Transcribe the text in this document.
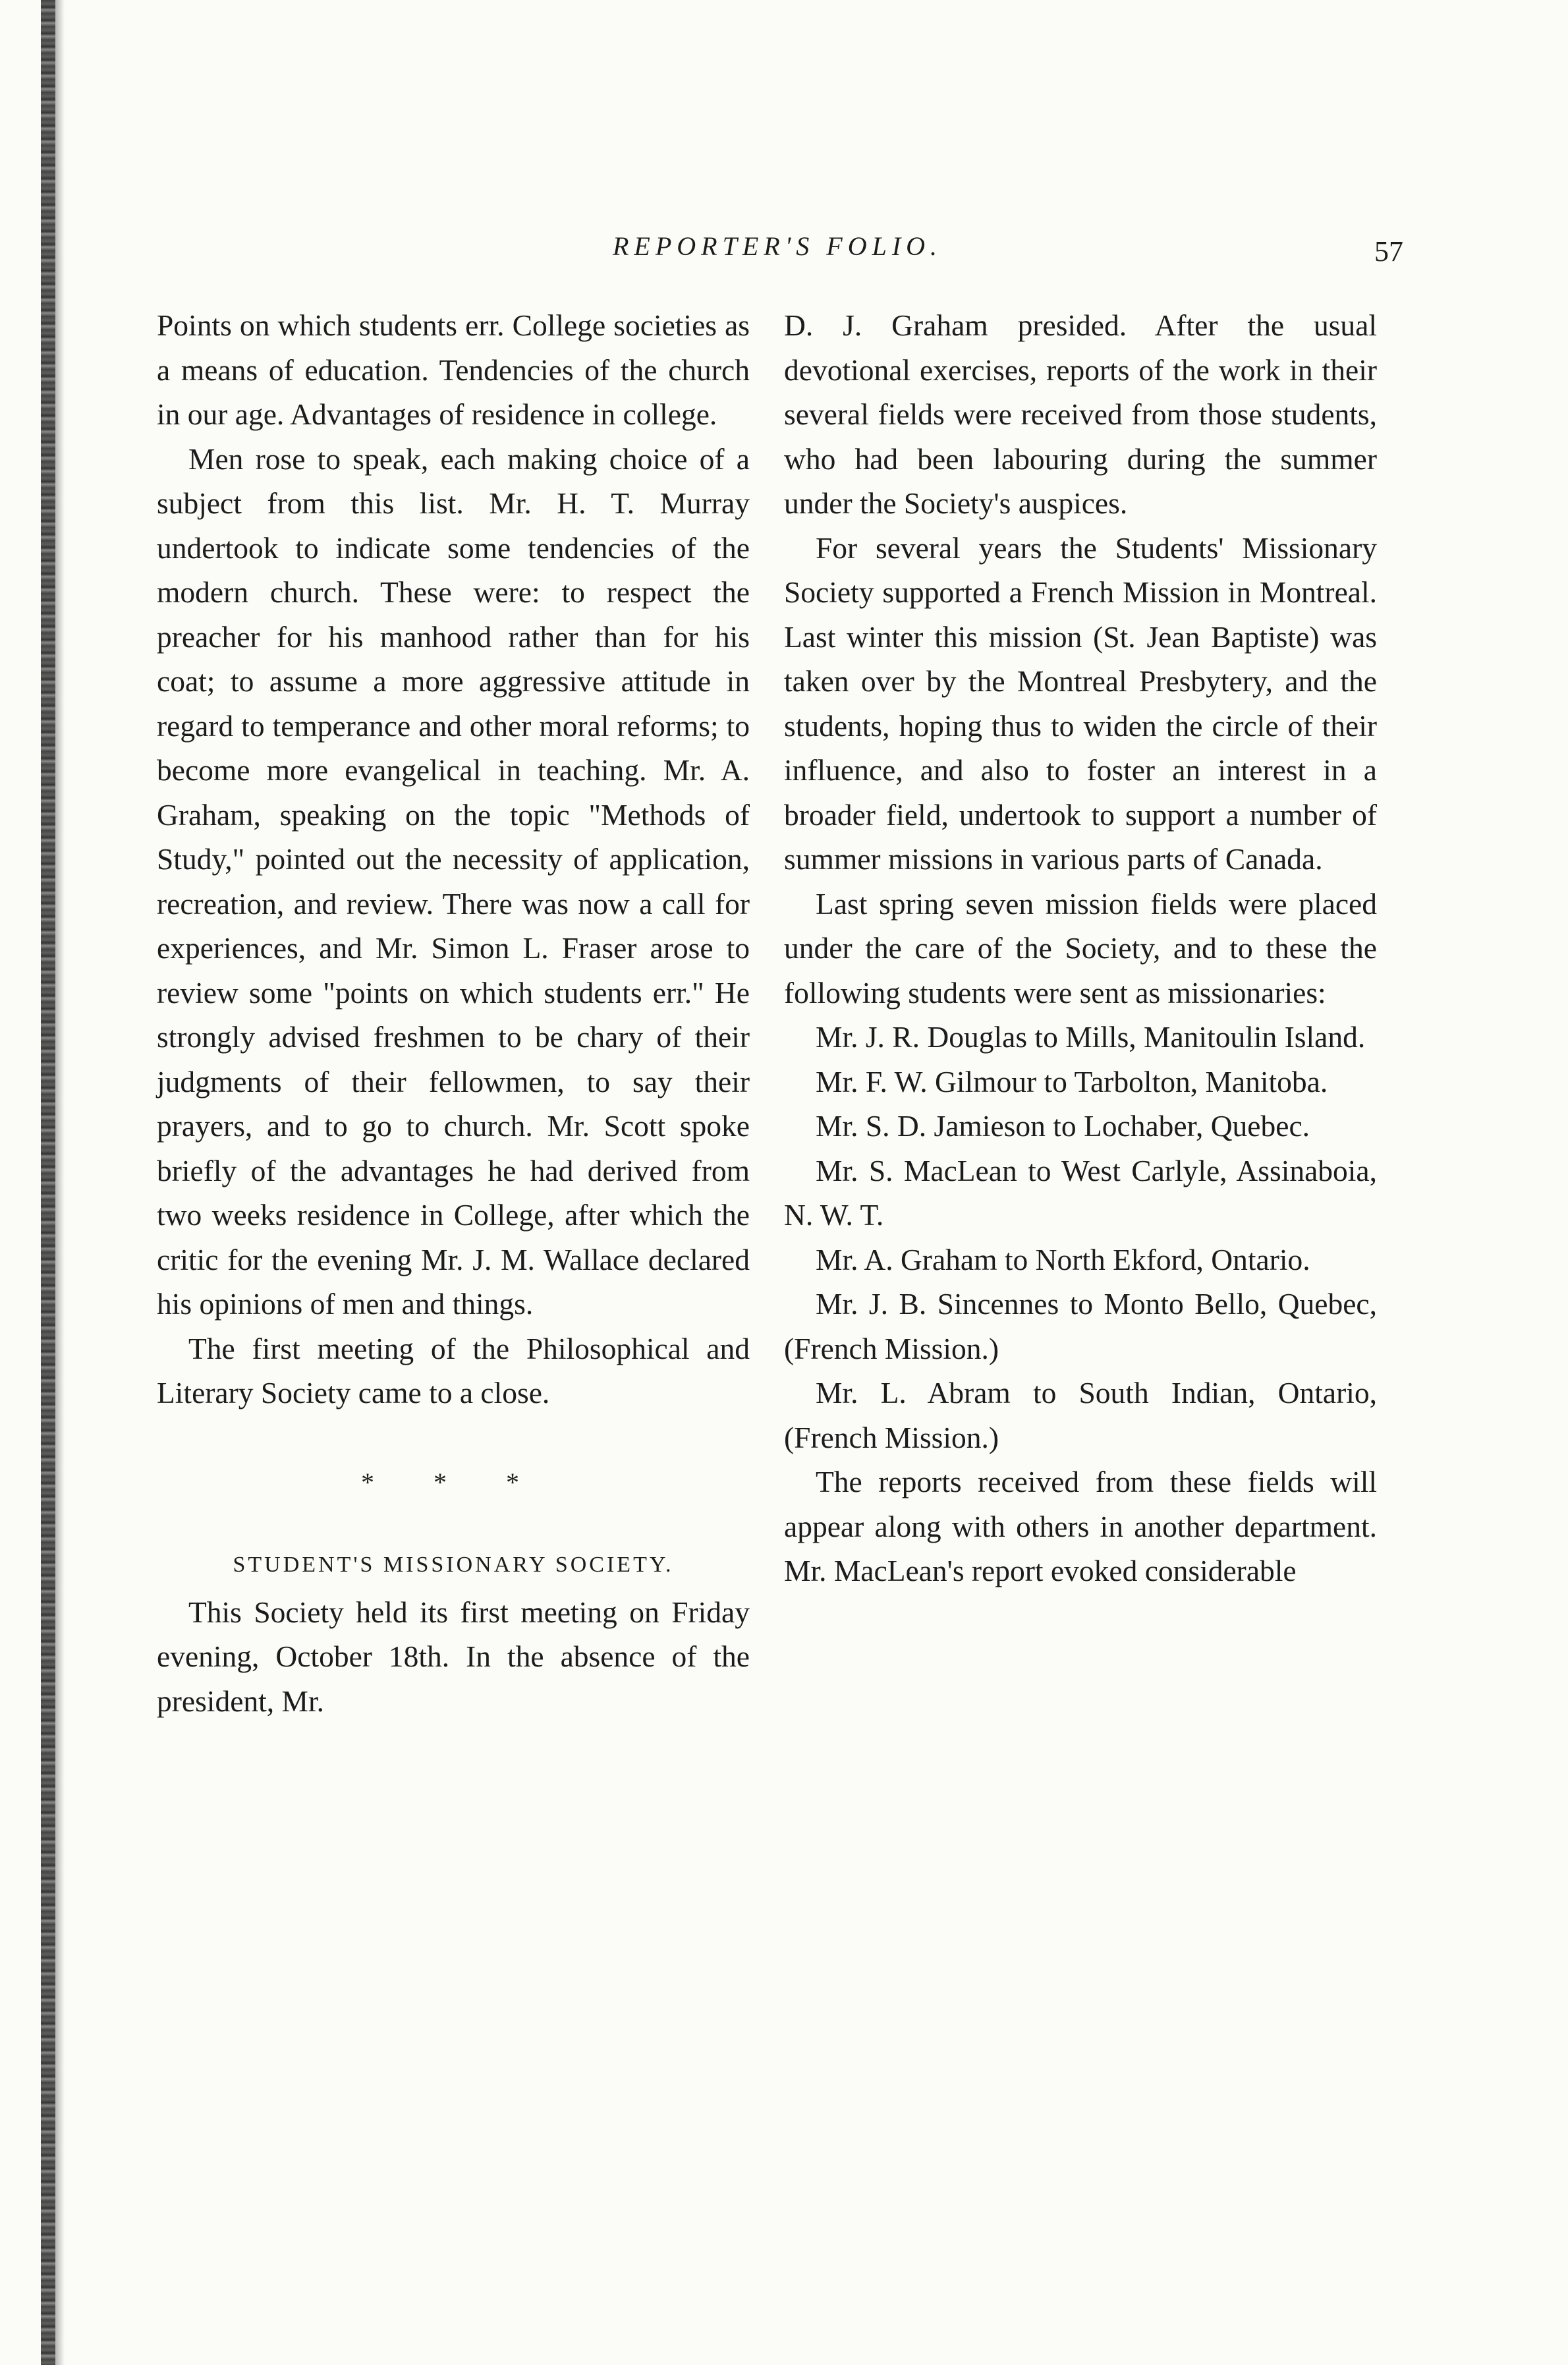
REPORTER'S FOLIO.	57

Points on which students err. College societies as a means of education. Tendencies of the church in our age. Advantages of residence in college.

Men rose to speak, each making choice of a subject from this list. Mr. H. T. Murray undertook to indicate some tendencies of the modern church. These were: to respect the preacher for his manhood rather than for his coat; to assume a more aggressive attitude in regard to temperance and other moral reforms; to become more evangelical in teaching. Mr. A. Graham, speaking on the topic "Methods of Study," pointed out the necessity of application, recreation, and review. There was now a call for experiences, and Mr. Simon L. Fraser arose to review some "points on which students err." He strongly advised freshmen to be chary of their judgments of their fellowmen, to say their prayers, and to go to church. Mr. Scott spoke briefly of the advantages he had derived from two weeks residence in College, after which the critic for the evening Mr. J. M. Wallace declared his opinions of men and things.

The first meeting of the Philosophical and Literary Society came to a close.

* * *
STUDENT'S MISSIONARY SOCIETY.

This Society held its first meeting on Friday evening, October 18th. In the absence of the president, Mr.

D. J. Graham presided. After the usual devotional exercises, reports of the work in their several fields were received from those students, who had been labouring during the summer under the Society's auspices.

For several years the Students' Missionary Society supported a French Mission in Montreal. Last winter this mission (St. Jean Baptiste) was taken over by the Montreal Presbytery, and the students, hoping thus to widen the circle of their influence, and also to foster an interest in a broader field, undertook to support a number of summer missions in various parts of Canada.

Last spring seven mission fields were placed under the care of the Society, and to these the following students were sent as missionaries:

Mr. J. R. Douglas to Mills, Manitoulin Island.

Mr. F. W. Gilmour to Tarbolton, Manitoba.

Mr. S. D. Jamieson to Lochaber, Quebec.

Mr. S. MacLean to West Carlyle, Assinaboia, N. W. T.

Mr. A. Graham to North Ekford, Ontario.

Mr. J. B. Sincennes to Monto Bello, Quebec, (French Mission.)

Mr. L. Abram to South Indian, Ontario, (French Mission.)

The reports received from these fields will appear along with others in another department. Mr. MacLean's report evoked considerable
